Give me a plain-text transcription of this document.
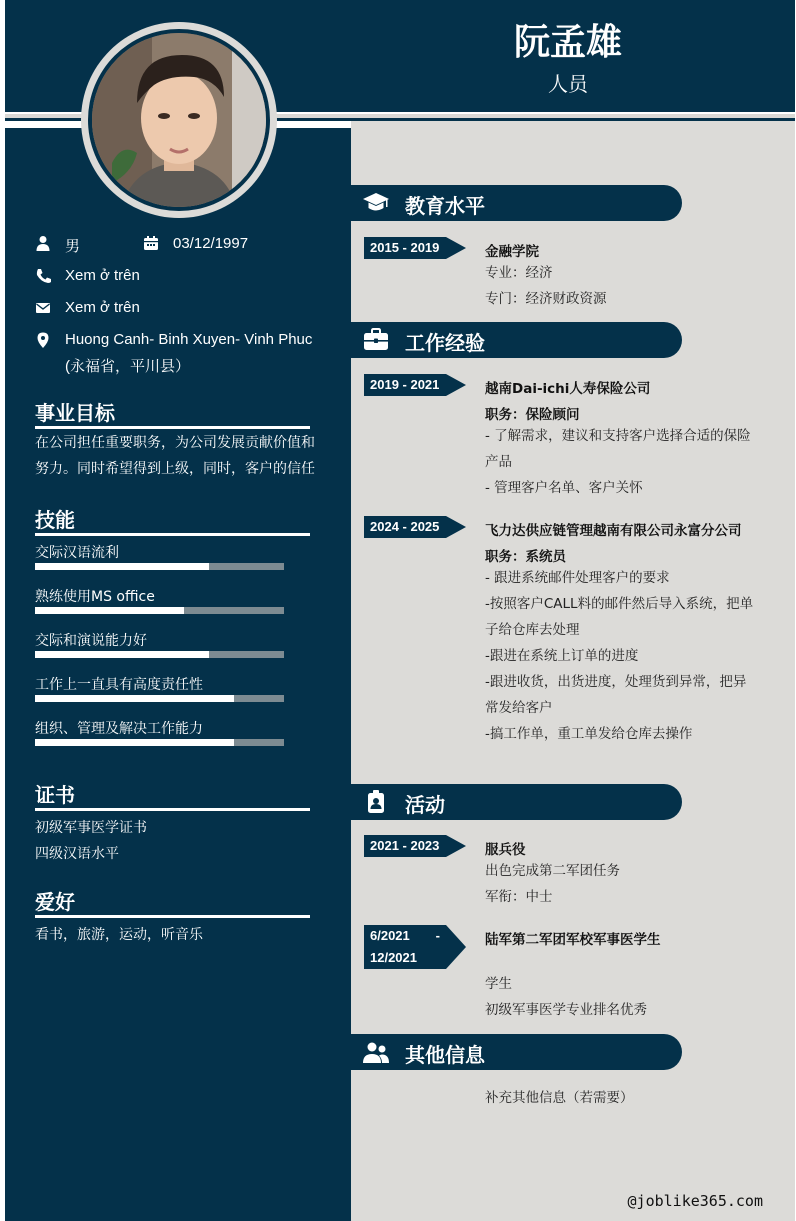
阮孟雄
人员
男	03/12/1997
Xem ở trên
Xem ở trên
Huong Canh- Binh Xuyen- Vinh Phuc
(永福省，平川县）
事业目标
在公司担任重要职务，为公司发展贡献价值和
努力。同时希望得到上级，同时，客户的信任
技能
交际汉语流利
熟练使用MS office
交际和演说能力好
工作上一直具有高度责任性
组织、管理及解决工作能力
证书
初级军事医学证书
四级汉语水平
爱好
看书，旅游，运动，听音乐
教育水平
2015 - 2019	金融学院
专业：经济
专门：经济财政资源
工作经验
2019 - 2021	越南Dai-ichi人寿保险公司
职务：保险顾问
- 了解需求，建议和支持客户选择合适的保险
产品
- 管理客户名单、客户关怀
2024 - 2025	飞力达供应链管理越南有限公司永富分公司
职务：系统员
- 跟进系统邮件处理客户的要求
-按照客户CALL料的邮件然后导入系统，把单
子给仓库去处理
-跟进在系统上订单的进度
-跟进收货，出货进度，处理货到异常，把异
常发给客户
-搞工作单，重工单发给仓库去操作
活动
2021 - 2023	服兵役
出色完成第二军团任务
军衔：中士
6/2021 -
12/2021
陆军第二军团军校军事医学生
学生
初级军事医学专业排名优秀
其他信息
补充其他信息（若需要）
@joblike365.com
